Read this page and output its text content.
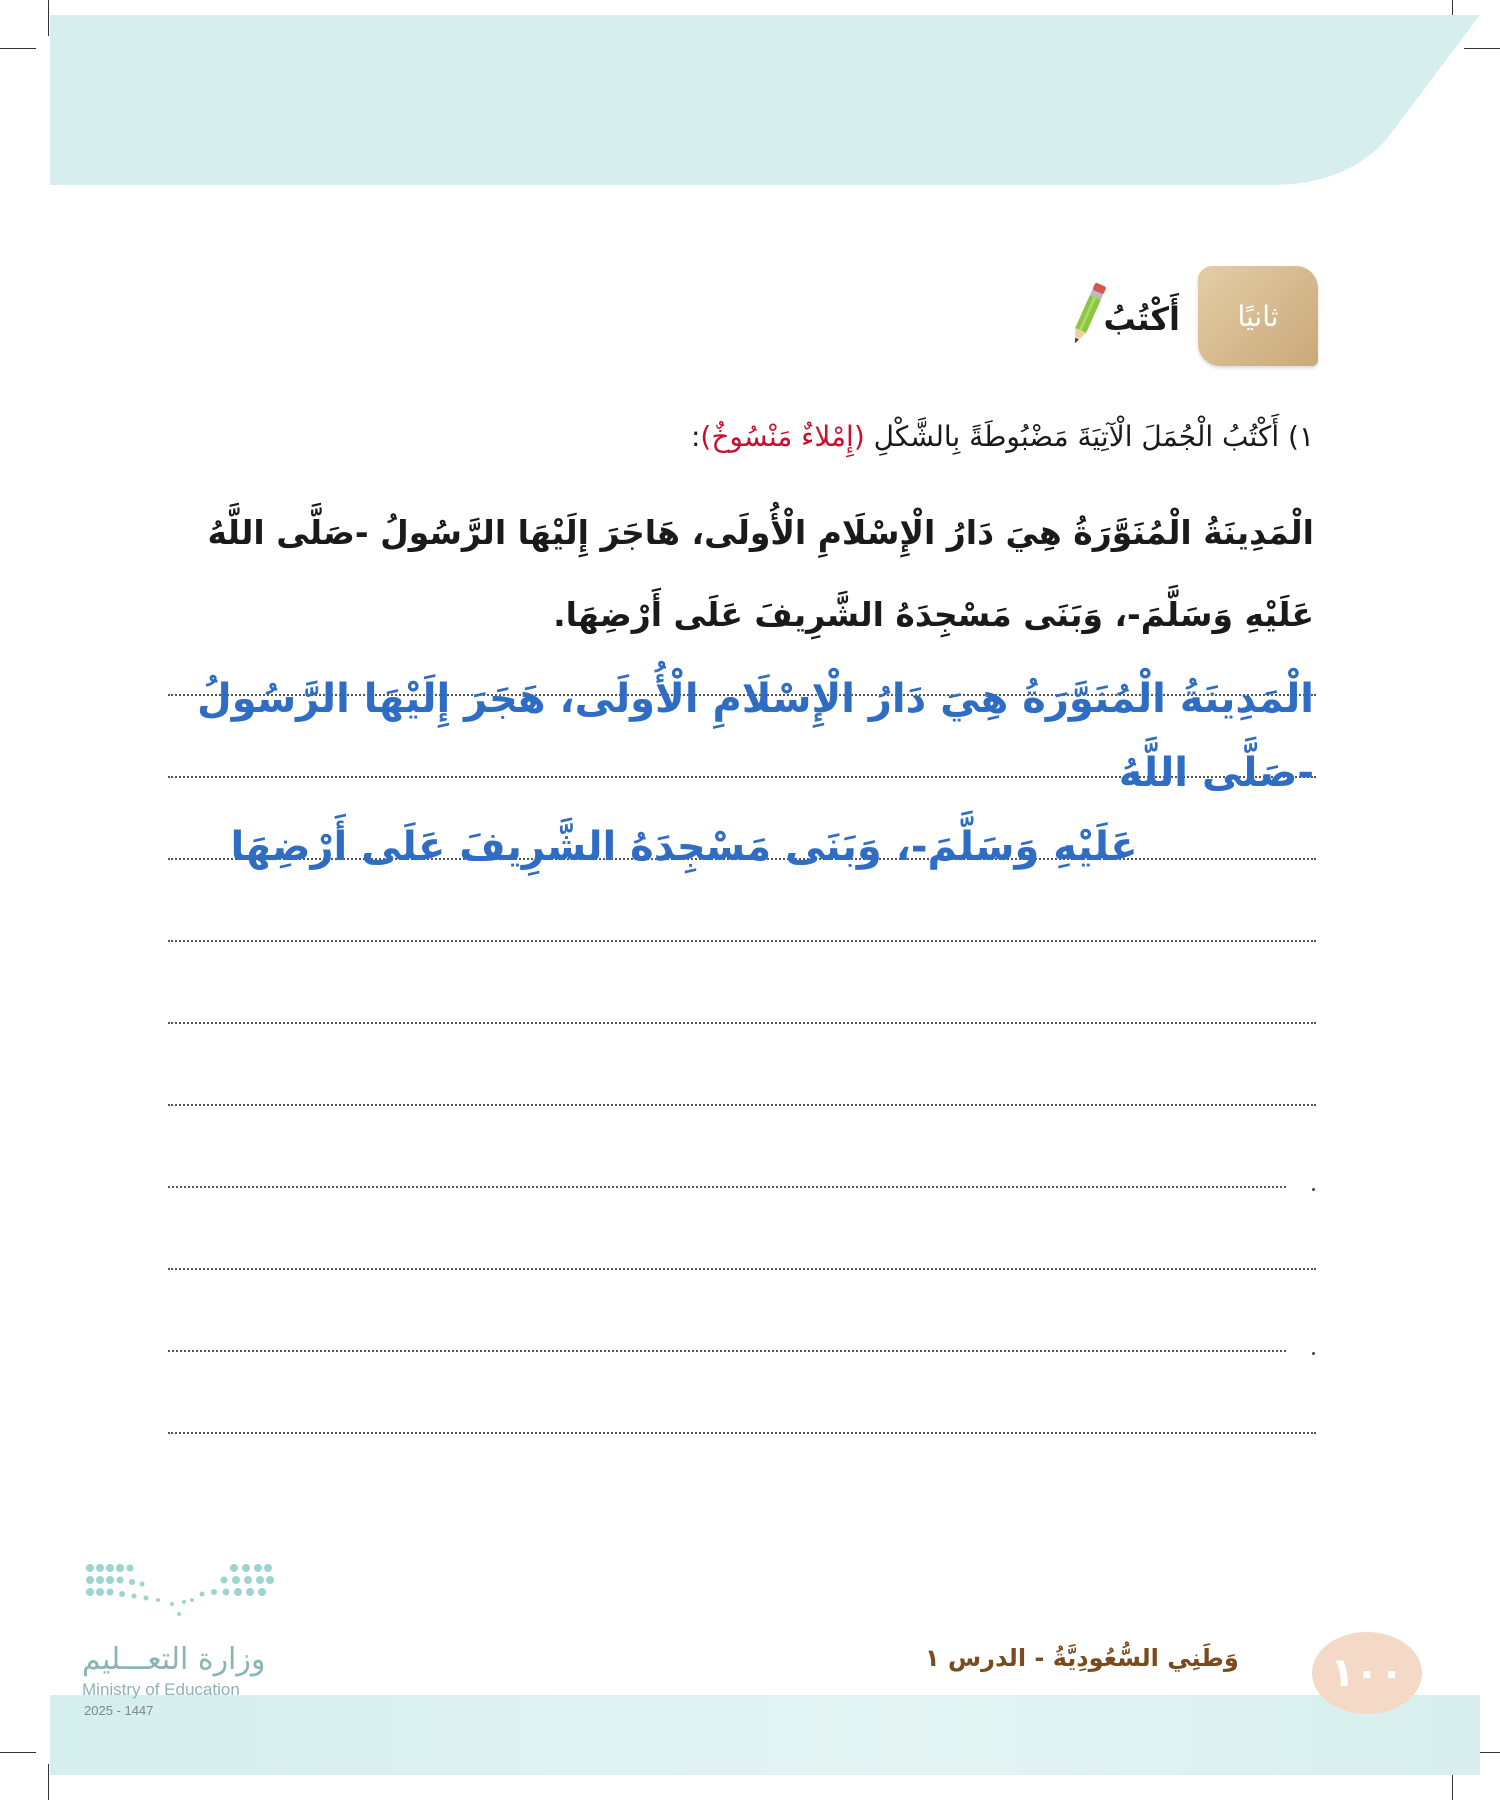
ثانيًا
أَكْتُبُ
١) أَكْتُبُ الْجُمَلَ الْآتِيَةَ مَضْبُوطَةً بِالشَّكْلِ (إِمْلاءٌ مَنْسُوخٌ):
الْمَدِينَةُ الْمُنَوَّرَةُ هِيَ دَارُ الْإِسْلَامِ الْأُولَى، هَاجَرَ إِلَيْهَا الرَّسُولُ -صَلَّى اللَّهُ عَلَيْهِ وَسَلَّمَ-، وَبَنَى مَسْجِدَهُ الشَّرِيفَ عَلَى أَرْضِهَا.
الْمَدِينَةُ الْمُنَوَّرَةُ هِيَ دَارُ الْإِسْلَامِ الْأُولَى، هَجَرَ إِلَيْهَا الرَّسُولُ -صَلَّى اللَّهُ
عَلَيْهِ وَسَلَّمَ-، وَبَنَى مَسْجِدَهُ الشَّرِيفَ عَلَى أَرْضِهَا
وزارة التعـــليم
Ministry of Education
2025 - 1447
وَطَنِي السُّعُودِيَّةُ - الدرس ١	١٠٠
